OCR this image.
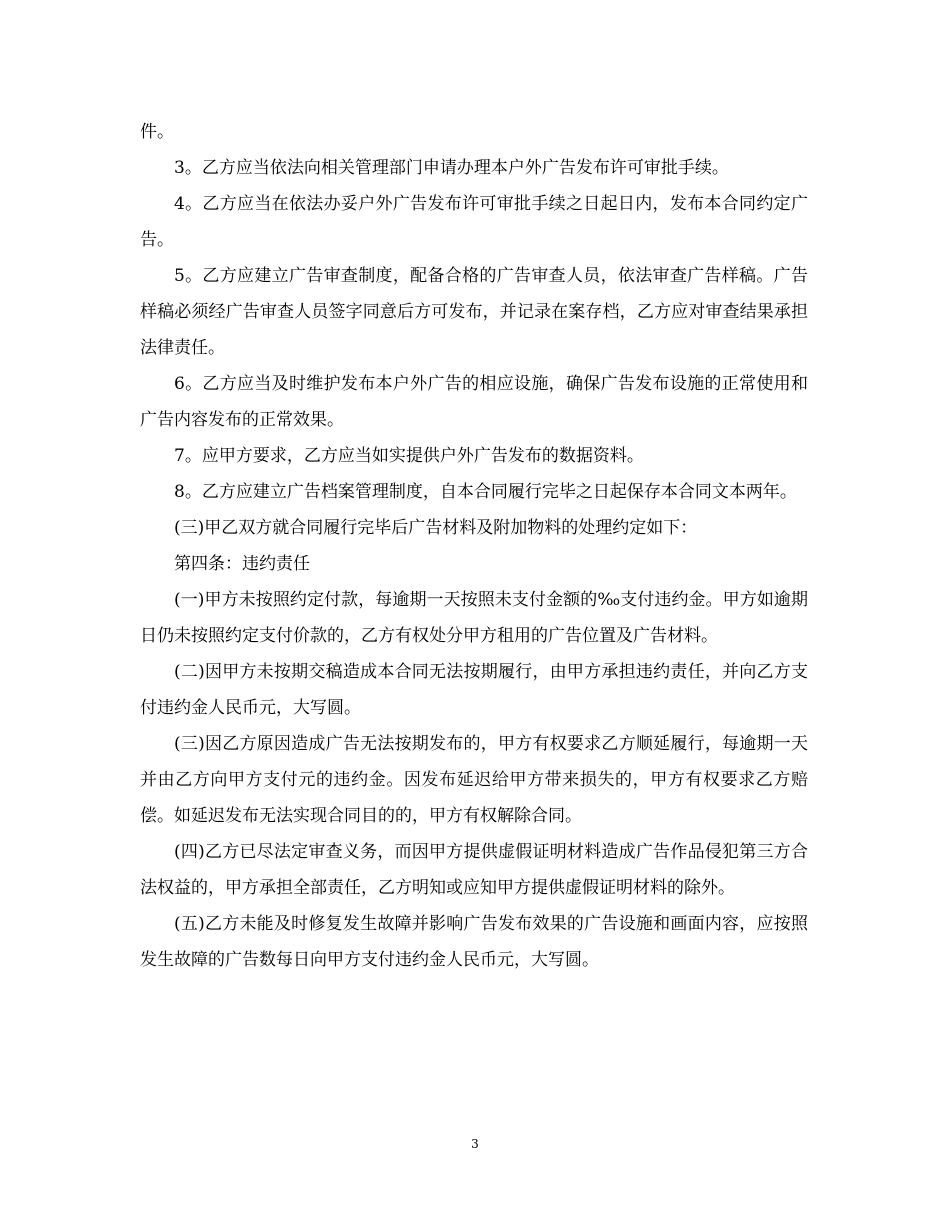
件。

3。乙方应当依法向相关管理部门申请办理本户外广告发布许可审批手续。

4。乙方应当在依法办妥户外广告发布许可审批手续之日起日内，发布本合同约定广告。

5。乙方应建立广告审查制度，配备合格的广告审查人员，依法审查广告样稿。广告样稿必须经广告审查人员签字同意后方可发布，并记录在案存档，乙方应对审查结果承担法律责任。

6。乙方应当及时维护发布本户外广告的相应设施，确保广告发布设施的正常使用和广告内容发布的正常效果。

7。应甲方要求，乙方应当如实提供户外广告发布的数据资料。

8。乙方应建立广告档案管理制度，自本合同履行完毕之日起保存本合同文本两年。

(三)甲乙双方就合同履行完毕后广告材料及附加物料的处理约定如下：

第四条：违约责任

(一)甲方未按照约定付款，每逾期一天按照未支付金额的‰支付违约金。甲方如逾期日仍未按照约定支付价款的，乙方有权处分甲方租用的广告位置及广告材料。

(二)因甲方未按期交稿造成本合同无法按期履行，由甲方承担违约责任，并向乙方支付违约金人民币元，大写圆。

(三)因乙方原因造成广告无法按期发布的，甲方有权要求乙方顺延履行，每逾期一天并由乙方向甲方支付元的违约金。因发布延迟给甲方带来损失的，甲方有权要求乙方赔偿。如延迟发布无法实现合同目的的，甲方有权解除合同。

(四)乙方已尽法定审查义务，而因甲方提供虚假证明材料造成广告作品侵犯第三方合法权益的，甲方承担全部责任，乙方明知或应知甲方提供虚假证明材料的除外。

(五)乙方未能及时修复发生故障并影响广告发布效果的广告设施和画面内容，应按照发生故障的广告数每日向甲方支付违约金人民币元，大写圆。

3
